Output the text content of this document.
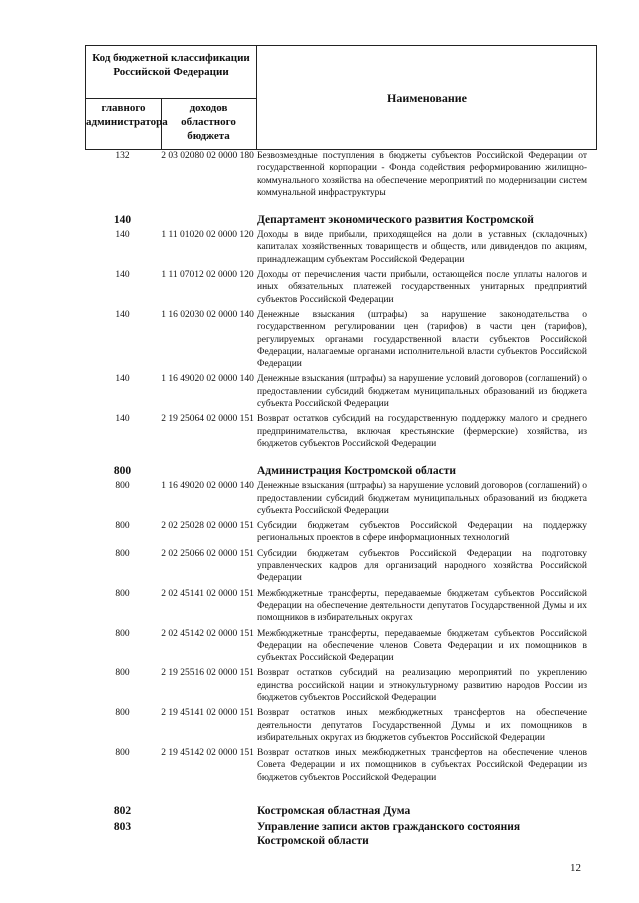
Код бюджетной классификации Российской Федерации
главного администратора
доходов областного бюджета
Наименование
132	2 03 02080 02 0000 180 Безвозмездные поступления в бюджеты субъектов Российской Федерации от государственной корпорации - Фонда содействия реформированию жилищно-коммунального хозяйства на обеспечение мероприятий по модернизации систем коммунальной инфраструктуры
140	Департамент экономического развития Костромской
140	1 11 01020 02 0000 120 Доходы в виде прибыли, приходящейся на доли в уставных (складочных) капиталах хозяйственных товариществ и обществ, или дивидендов по акциям, принадлежащим субъектам Российской Федерации
140	1 11 07012 02 0000 120 Доходы от перечисления части прибыли, остающейся после уплаты налогов и иных обязательных платежей государственных унитарных предприятий субъектов Российской Федерации
140	1 16 02030 02 0000 140 Денежные взыскания (штрафы) за нарушение законодательства о государственном регулировании цен (тарифов) в части цен (тарифов), регулируемых органами государственной власти субъектов Российской Федерации, налагаемые органами исполнительной власти субъектов Российской Федерации
140	1 16 49020 02 0000 140 Денежные взыскания (штрафы) за нарушение условий договоров (соглашений) о предоставлении субсидий бюджетам муниципальных образований из бюджета субъекта Российской Федерации
140	2 19 25064 02 0000 151 Возврат остатков субсидий на государственную поддержку малого и среднего предпринимательства, включая крестьянские (фермерские) хозяйства, из бюджетов субъектов Российской Федерации
800	Администрация Костромской области
800	1 16 49020 02 0000 140 Денежные взыскания (штрафы) за нарушение условий договоров (соглашений) о предоставлении субсидий бюджетам муниципальных образований из бюджета субъекта Российской Федерации
800	2 02 25028 02 0000 151 Субсидии бюджетам субъектов Российской Федерации на поддержку региональных проектов в сфере информационных технологий
800	2 02 25066 02 0000 151 Субсидии бюджетам субъектов Российской Федерации на подготовку управленческих кадров для организаций народного хозяйства Российской Федерации
800	2 02 45141 02 0000 151 Межбюджетные трансферты, передаваемые бюджетам субъектов Российской Федерации на обеспечение деятельности депутатов Государственной Думы и их помощников в избирательных округах
800	2 02 45142 02 0000 151 Межбюджетные трансферты, передаваемые бюджетам субъектов Российской Федерации на обеспечение членов Совета Федерации и их помощников в субъектах Российской Федерации
800	2 19 25516 02 0000 151 Возврат остатков субсидий на реализацию мероприятий по укреплению единства российской нации и этнокультурному развитию народов России из бюджетов субъектов Российской Федерации
800	2 19 45141 02 0000 151 Возврат остатков иных межбюджетных трансфертов на обеспечение деятельности депутатов Государственной Думы и их помощников в избирательных округах из бюджетов субъектов Российской Федерации
800	2 19 45142 02 0000 151 Возврат остатков иных межбюджетных трансфертов на обеспечение членов Совета Федерации и их помощников в субъектах Российской Федерации из бюджетов субъектов Российской Федерации
802	Костромская областная Дума
803	Управление записи актов гражданского состояния Костромской области
12
